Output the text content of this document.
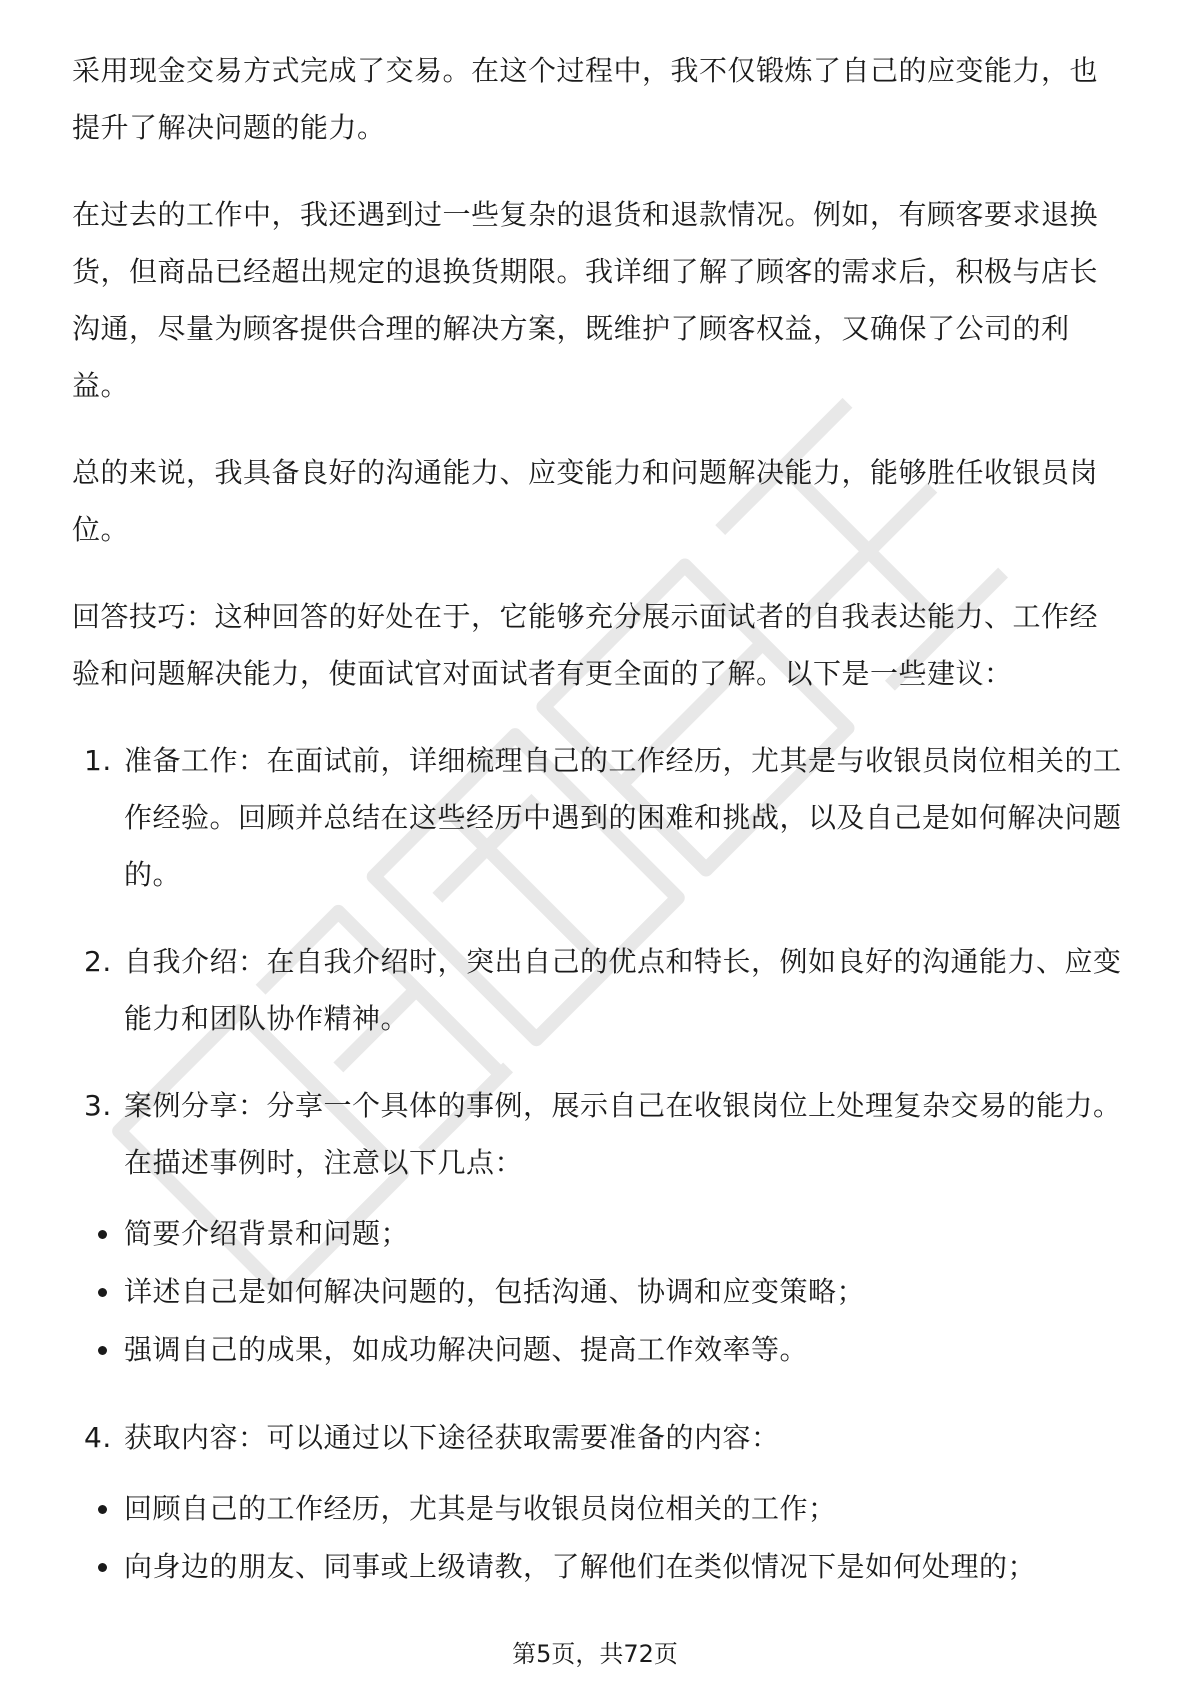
采用现金交易方式完成了交易。在这个过程中，我不仅锻炼了自己的应变能力，也提升了解决问题的能力。

在过去的工作中，我还遇到过一些复杂的退货和退款情况。例如，有顾客要求退换货，但商品已经超出规定的退换货期限。我详细了解了顾客的需求后，积极与店长沟通，尽量为顾客提供合理的解决方案，既维护了顾客权益，又确保了公司的利益。

总的来说，我具备良好的沟通能力、应变能力和问题解决能力，能够胜任收银员岗位。

回答技巧：这种回答的好处在于，它能够充分展示面试者的自我表达能力、工作经验和问题解决能力，使面试官对面试者有更全面的了解。以下是一些建议：

1. 准备工作：在面试前，详细梳理自己的工作经历，尤其是与收银员岗位相关的工作经验。回顾并总结在这些经历中遇到的困难和挑战，以及自己是如何解决问题的。
2. 自我介绍：在自我介绍时，突出自己的优点和特长，例如良好的沟通能力、应变能力和团队协作精神。
3. 案例分享：分享一个具体的事例，展示自己在收银岗位上处理复杂交易的能力。在描述事例时，注意以下几点：
简要介绍背景和问题；
详述自己是如何解决问题的，包括沟通、协调和应变策略；
强调自己的成果，如成功解决问题、提高工作效率等。
4. 获取内容：可以通过以下途径获取需要准备的内容：
回顾自己的工作经历，尤其是与收银员岗位相关的工作；
向身边的朋友、同事或上级请教，了解他们在类似情况下是如何处理的；
第5页，共72页
